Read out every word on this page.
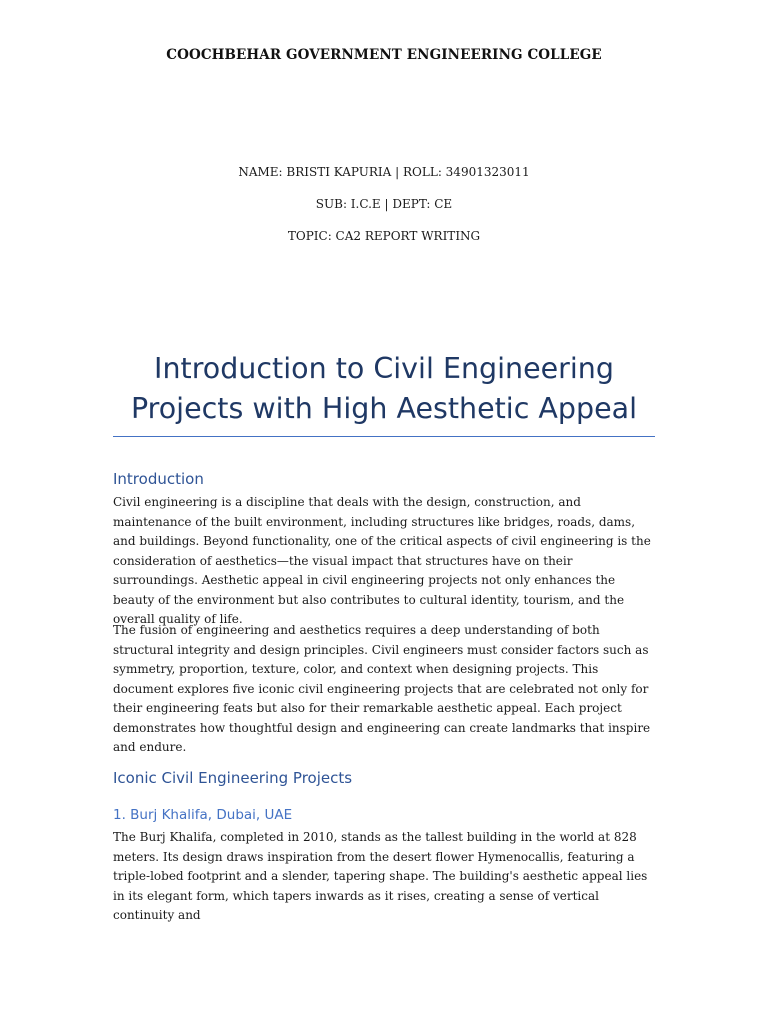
COOCHBEHAR GOVERNMENT ENGINEERING COLLEGE
NAME: BRISTI KAPURIA | ROLL: 34901323011
SUB: I.C.E | DEPT: CE
TOPIC: CA2 REPORT WRITING
Introduction to Civil Engineering Projects with High Aesthetic Appeal
Introduction

Civil engineering is a discipline that deals with the design, construction, and maintenance of the built environment, including structures like bridges, roads, dams, and buildings. Beyond functionality, one of the critical aspects of civil engineering is the consideration of aesthetics—the visual impact that structures have on their surroundings. Aesthetic appeal in civil engineering projects not only enhances the beauty of the environment but also contributes to cultural identity, tourism, and the overall quality of life.

The fusion of engineering and aesthetics requires a deep understanding of both structural integrity and design principles. Civil engineers must consider factors such as symmetry, proportion, texture, color, and context when designing projects. This document explores five iconic civil engineering projects that are celebrated not only for their engineering feats but also for their remarkable aesthetic appeal. Each project demonstrates how thoughtful design and engineering can create landmarks that inspire and endure.

Iconic Civil Engineering Projects
1. Burj Khalifa, Dubai, UAE

The Burj Khalifa, completed in 2010, stands as the tallest building in the world at 828 meters. Its design draws inspiration from the desert flower Hymenocallis, featuring a triple-lobed footprint and a slender, tapering shape. The building's aesthetic appeal lies in its elegant form, which tapers inwards as it rises, creating a sense of vertical continuity and
